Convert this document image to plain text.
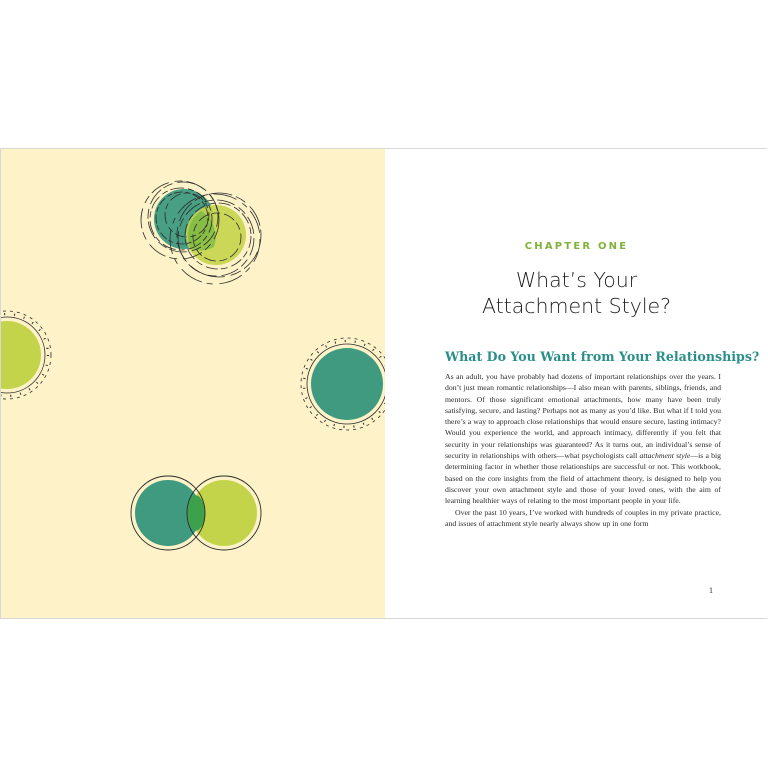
CHAPTER ONE
What’s Your
Attachment Style?
What Do You Want from Your Relationships?

As an adult, you have probably had dozens of important relationships over the years. I don’t just mean romantic relationships—I also mean with parents, siblings, friends, and mentors. Of those significant emotional attachments, how many have been truly satisfying, secure, and lasting? Perhaps not as many as you’d like. But what if I told you there’s a way to approach close relationships that would ensure secure, lasting intimacy? Would you experience the world, and approach intimacy, differently if you felt that security in your relationships was guaranteed? As it turns out, an individual’s sense of security in relationships with others—what psychologists call attachment style—is a big determining factor in whether those relationships are successful or not. This workbook, based on the core insights from the field of attachment theory, is designed to help you discover your own attachment style and those of your loved ones, with the aim of learning healthier ways of relating to the most important people in your life.

Over the past 10 years, I’ve worked with hundreds of couples in my private practice, and issues of attachment style nearly always show up in one form

1
